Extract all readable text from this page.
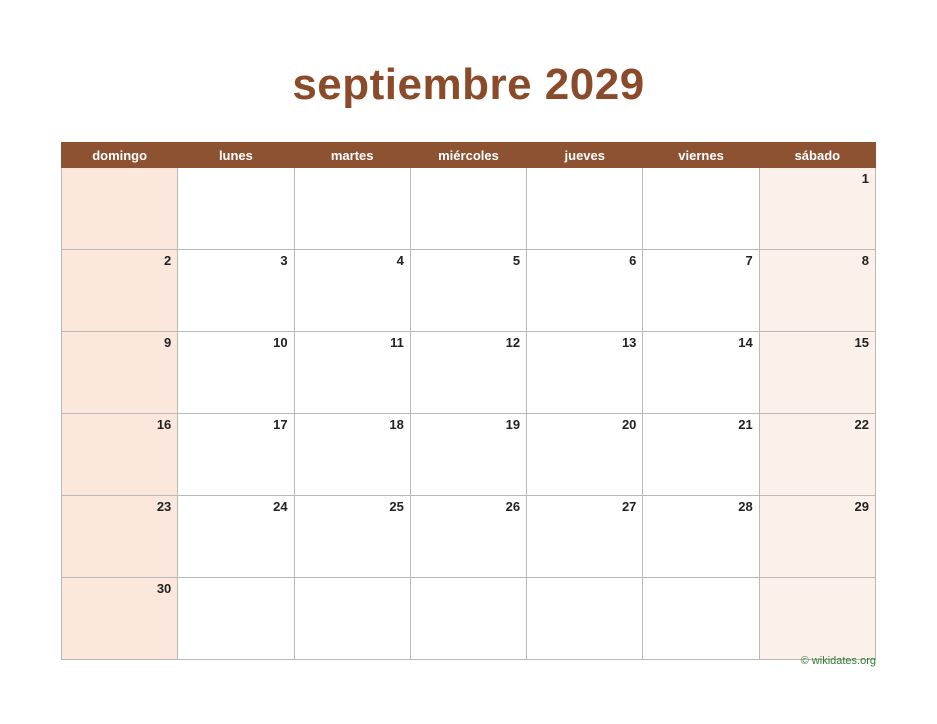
septiembre 2029
domingo	lunes	martes	miércoles	jueves	viernes	sábado
						1
2	3	4	5	6	7	8
9	10	11	12	13	14	15
16	17	18	19	20	21	22
23	24	25	26	27	28	29
30						
© wikidates.org
